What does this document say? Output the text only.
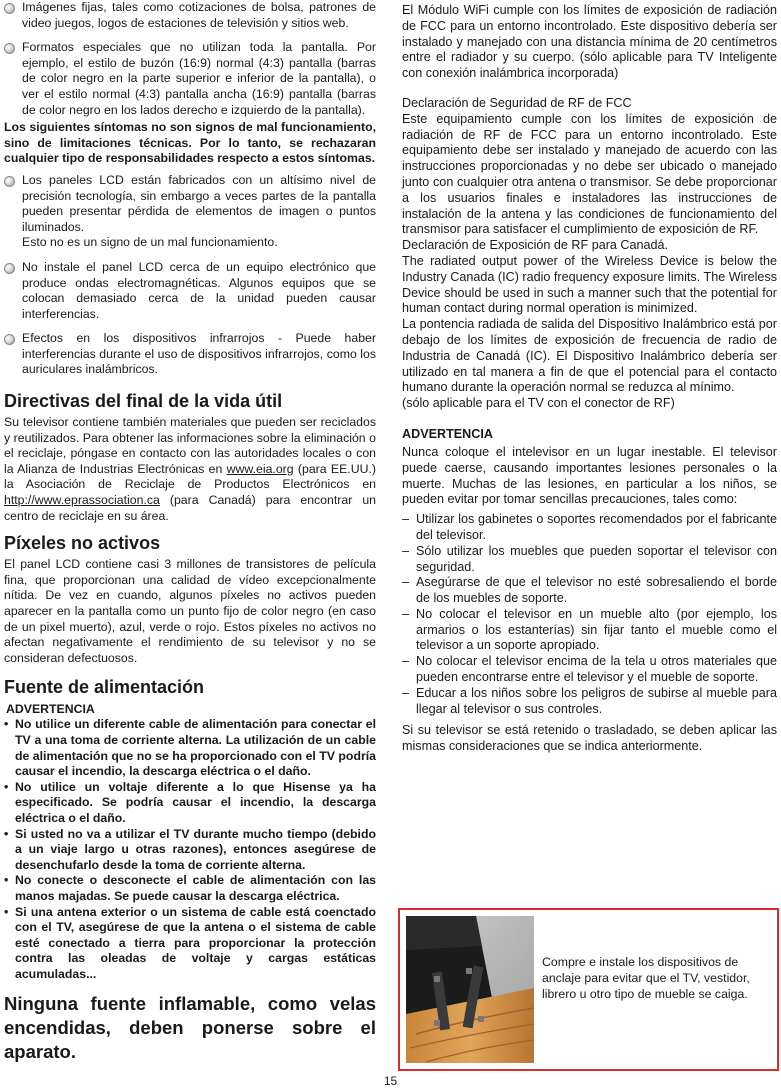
Imágenes fijas, tales como cotizaciones de bolsa, patrones de video juegos, logos de estaciones de televisión y sitios web.
Formatos especiales que no utilizan toda la pantalla. Por ejemplo, el estilo de buzón (16:9) normal (4:3) pantalla (barras de color negro en la parte superior e inferior de la pantalla), o ver el estilo normal (4:3) pantalla ancha (16:9) pantalla (barras de color negro en los lados derecho e izquierdo de la pantalla).

Los siguientes síntomas no son signos de mal funcionamiento, sino de limitaciones técnicas. Por lo tanto, se rechazaran cualquier tipo de responsabilidades respecto a estos síntomas.

Los paneles LCD están fabricados con un altísimo nivel de precisión tecnología, sin embargo a veces partes de la pantalla pueden presentar pérdida de elementos de imagen o puntos iluminados.
Esto no es un signo de un mal funcionamiento.
No instale el panel LCD cerca de un equipo electrónico que produce ondas electromagnéticas. Algunos equipos que se colocan demasiado cerca de la unidad pueden causar interferencias.
Efectos en los dispositivos infrarrojos - Puede haber interferencias durante el uso de dispositivos infrarrojos, como los auriculares inalámbricos.
Directivas del final de la vida útil

Su televisor contiene también materiales que pueden ser reciclados y reutilizados. Para obtener las informaciones sobre la eliminación o el reciclaje, póngase en contacto con las autoridades locales o con la Alianza de Industrias Electrónicas en www.eia.org (para EE.UU.) la Asociación de Reciclaje de Productos Electrónicos en http://www.eprassociation.ca (para Canadá) para encontrar un centro de reciclaje en su área.

Píxeles no activos

El panel LCD contiene casi 3 millones de transistores de película fina, que proporcionan una calidad de vídeo excepcionalmente nítida. De vez en cuando, algunos píxeles no activos pueden aparecer en la pantalla como un punto fijo de color negro (en caso de un pixel muerto), azul, verde o rojo. Estos píxeles no activos no afectan negativamente el rendimiento de su televisor y no se consideran defectuosos.

Fuente de alimentación
ADVERTENCIA
• No utilice un diferente cable de alimentación para conectar el TV a una toma de corriente alterna. La utilización de un cable de alimentación que no se ha proporcionado con el TV podría causar el incendio, la descarga eléctrica o el daño.
• No utilice un voltaje diferente a lo que Hisense ya ha especificado. Se podría causar el incendio, la descarga eléctrica o el daño.
• Si usted no va a utilizar el TV durante mucho tiempo (debido a un viaje largo u otras razones), entonces asegúrese de desenchufarlo desde la toma de corriente alterna.
• No conecte o desconecte el cable de alimentación con las manos majadas. Se puede causar la descarga eléctrica.
• Si una antena exterior o un sistema de cable está coenctado con el TV, asegúrese de que la antena o el sistema de cable esté conectado a tierra para proporcionar la protección contra las oleadas de voltaje y cargas estáticas acumuladas...
Ninguna fuente inflamable, como velas encendidas, deben ponerse sobre el aparato.

El Módulo WiFi cumple con los límites de exposición de radiación de FCC para un entorno incontrolado. Este dispositivo debería ser instalado y manejado con una distancia mínima de 20 centímetros entre el radiador y su cuerpo. (sólo aplicable para TV Inteligente con conexión inalámbrica incorporada)

Declaración de Seguridad de RF de FCC

Este equipamiento cumple con los límites de exposición de radiación de RF de FCC para un entorno incontrolado. Este equipamiento debe ser instalado y manejado de acuerdo con las instrucciones proporcionadas y no debe ser ubicado o manejado junto con cualquier otra antena o transmisor. Se debe proporcionar a los usuarios finales e instaladores las instrucciones de instalación de la antena y las condiciones de funcionamiento del transmisor para satisfacer el cumplimiento de exposición de RF.

Declaración de Exposición de RF para Canadá.

The radiated output power of the Wireless Device is below the Industry Canada (IC) radio frequency exposure limits. The Wireless Device should be used in such a manner such that the potential for human contact during normal operation is minimized.

La pontencia radiada de salida del Dispositivo Inalámbrico está por debajo de los límites de exposición de frecuencia de radio de Industria de Canadá (IC). El Dispositivo Inalámbrico debería ser utilizado en tal manera a fin de que el potencial para el contacto humano durante la operación normal se reduzca al mínimo.

(sólo aplicable para el TV con el conector de RF)

ADVERTENCIA

Nunca coloque el intelevisor en un lugar inestable. El televisor puede caerse, causando importantes lesiones personales o la muerte. Muchas de las lesiones, en particular a los niños, se pueden evitar por tomar sencillas precauciones, tales como:

– Utilizar los gabinetes o soportes recomendados por el fabricante del televisor.
– Sólo utilizar los muebles que pueden soportar el televisor con seguridad.
– Asegúrarse de que el televisor no esté sobresaliendo el borde de los muebles de soporte.
– No colocar el televisor en un mueble alto (por ejemplo, los armarios o los estanterías) sin fijar tanto el mueble como el televisor a un soporte apropiado.
– No colocar el televisor encima de la tela u otros materiales que pueden encontrarse entre el televisor y el mueble de soporte.
– Educar a los niños sobre los peligros de subirse al mueble para llegar al televisor o sus controles.

Si su televisor se está retenido o trasladado, se deben aplicar las mismas consideraciones que se indica anteriormente.

Compre e instale los dispositivos de anclaje para evitar que el TV, vestidor, librero u otro tipo de mueble se caiga.
15
